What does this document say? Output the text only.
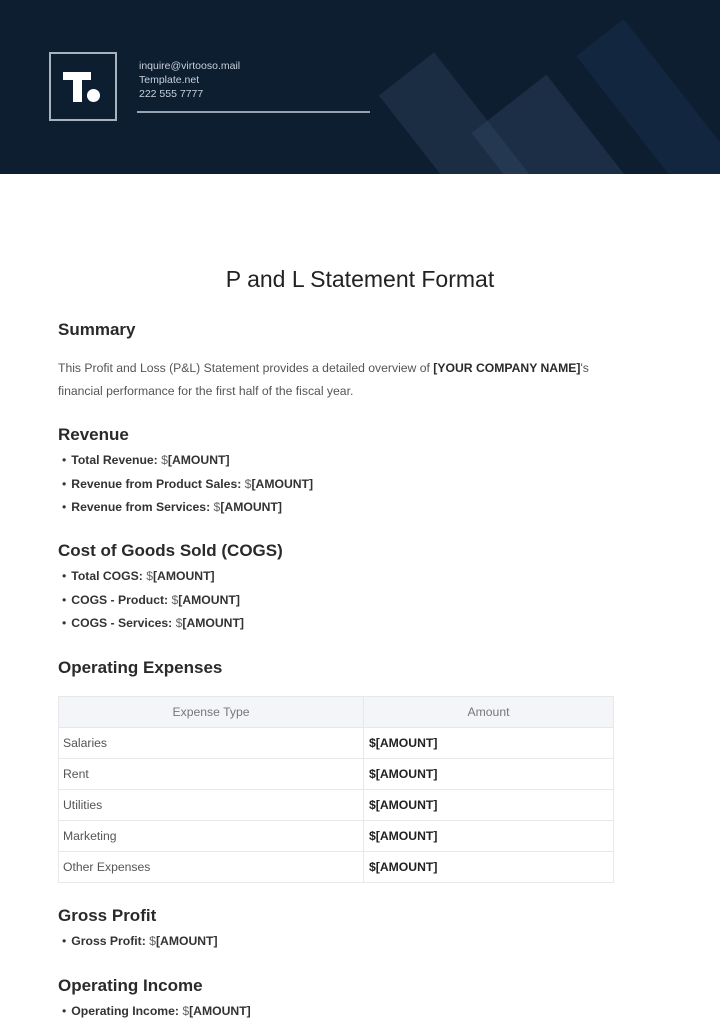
inquire@virtooso.mail
Template.net
222 555 7777
P and L Statement Format
Summary

This Profit and Loss (P&L) Statement provides a detailed overview of [YOUR COMPANY NAME]'s financial performance for the first half of the fiscal year.

Revenue
• Total Revenue: $[AMOUNT]
• Revenue from Product Sales: $[AMOUNT]
• Revenue from Services: $[AMOUNT]
Cost of Goods Sold (COGS)
• Total COGS: $[AMOUNT]
• COGS - Product: $[AMOUNT]
• COGS - Services: $[AMOUNT]
Operating Expenses
Expense Type	Amount
Salaries	$[AMOUNT]
Rent	$[AMOUNT]
Utilities	$[AMOUNT]
Marketing	$[AMOUNT]
Other Expenses	$[AMOUNT]
Gross Profit
• Gross Profit: $[AMOUNT]
Operating Income
• Operating Income: $[AMOUNT]
